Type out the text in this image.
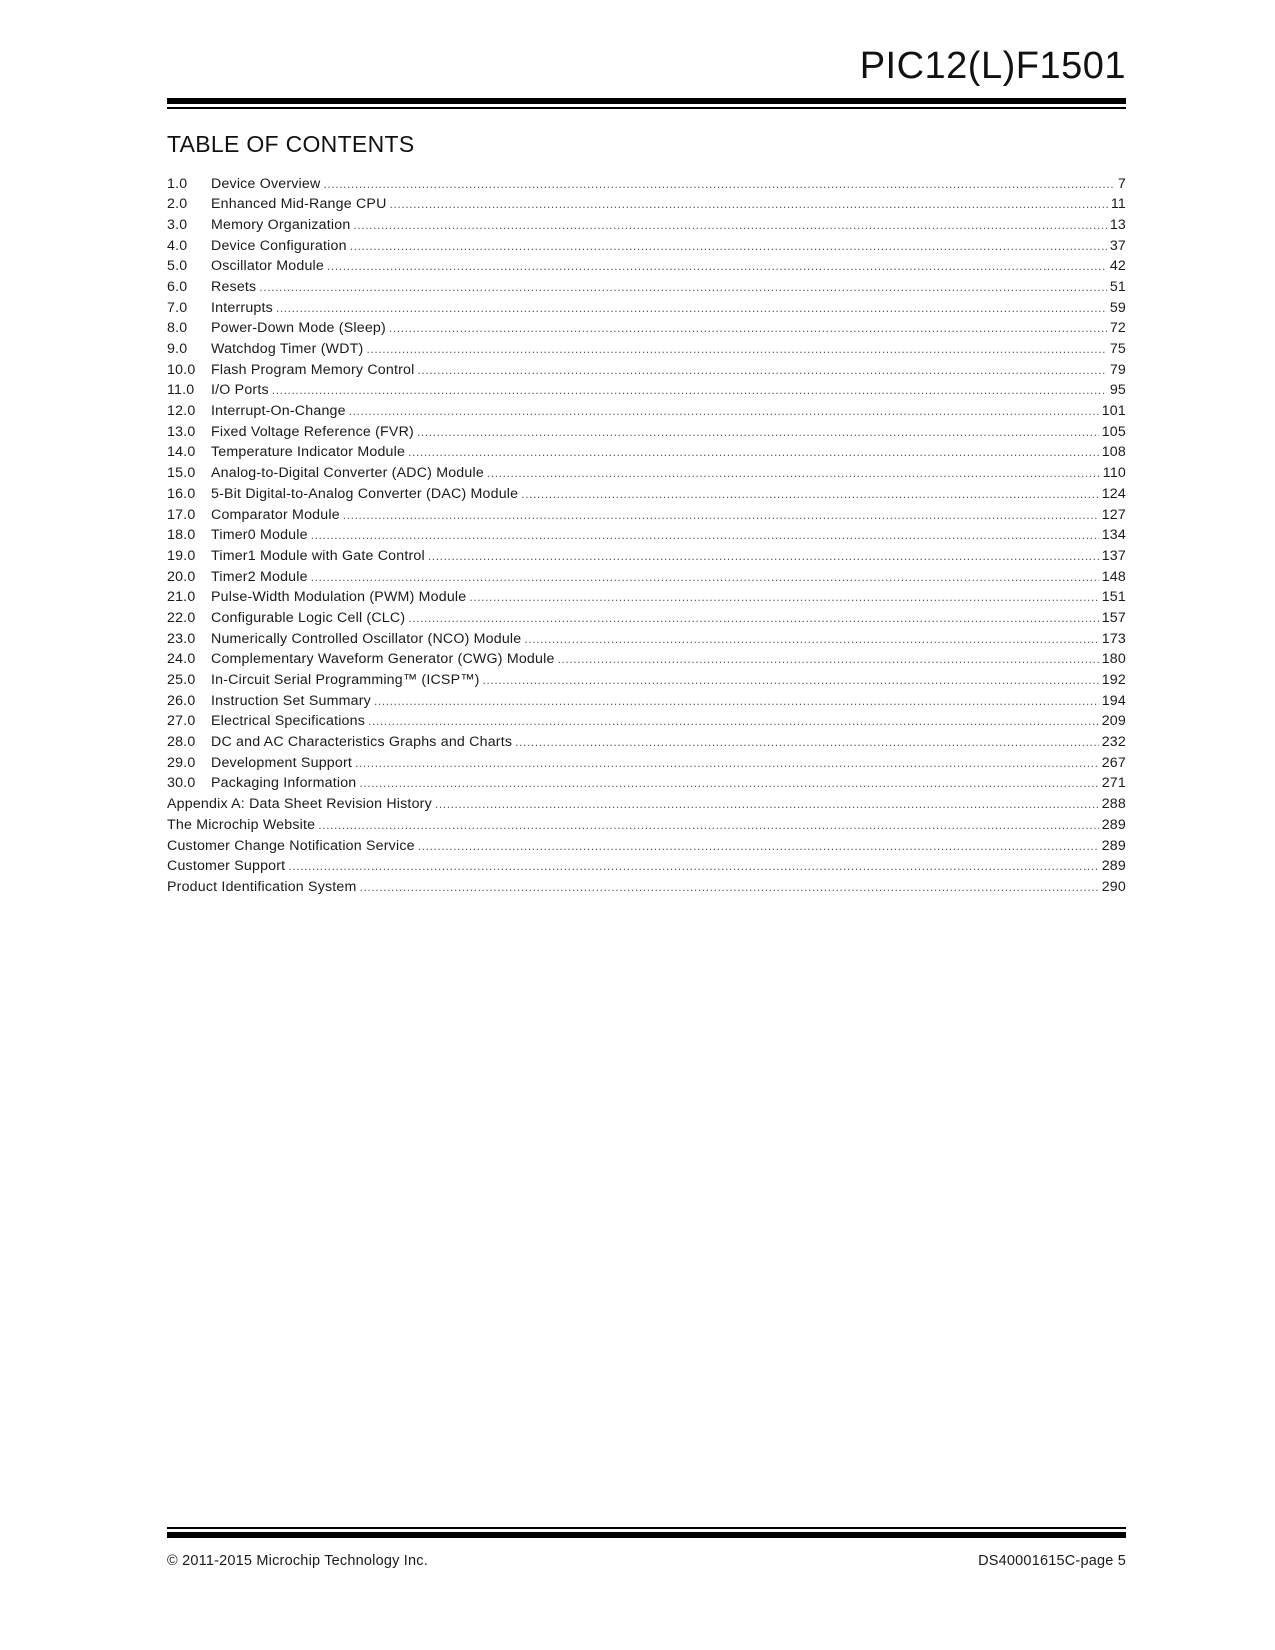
PIC12(L)F1501
TABLE OF CONTENTS
1.0	Device Overview .....	7
2.0	Enhanced Mid-Range CPU .....	11
3.0	Memory Organization .....	13
4.0	Device Configuration .....	37
5.0	Oscillator Module .....	42
6.0	Resets .....	51
7.0	Interrupts .....	59
8.0	Power-Down Mode (Sleep) .....	72
9.0	Watchdog Timer (WDT) .....	75
10.0	Flash Program Memory Control .....	79
11.0	I/O Ports .....	95
12.0	Interrupt-On-Change .....	101
13.0	Fixed Voltage Reference (FVR) .....	105
14.0	Temperature Indicator Module .....	108
15.0	Analog-to-Digital Converter (ADC) Module .....	110
16.0	5-Bit Digital-to-Analog Converter (DAC) Module .....	124
17.0	Comparator Module .....	127
18.0	Timer0 Module .....	134
19.0	Timer1 Module with Gate Control .....	137
20.0	Timer2 Module .....	148
21.0	Pulse-Width Modulation (PWM) Module .....	151
22.0	Configurable Logic Cell (CLC) .....	157
23.0	Numerically Controlled Oscillator (NCO) Module .....	173
24.0	Complementary Waveform Generator (CWG) Module .....	180
25.0	In-Circuit Serial Programming™ (ICSP™) .....	192
26.0	Instruction Set Summary .....	194
27.0	Electrical Specifications .....	209
28.0	DC and AC Characteristics Graphs and Charts .....	232
29.0	Development Support .....	267
30.0	Packaging Information .....	271
Appendix A: Data Sheet Revision History .....	288
The Microchip Website .....	289
Customer Change Notification Service .....	289
Customer Support .....	289
Product Identification System .....	290
© 2011-2015 Microchip Technology Inc.	DS40001615C-page 5
